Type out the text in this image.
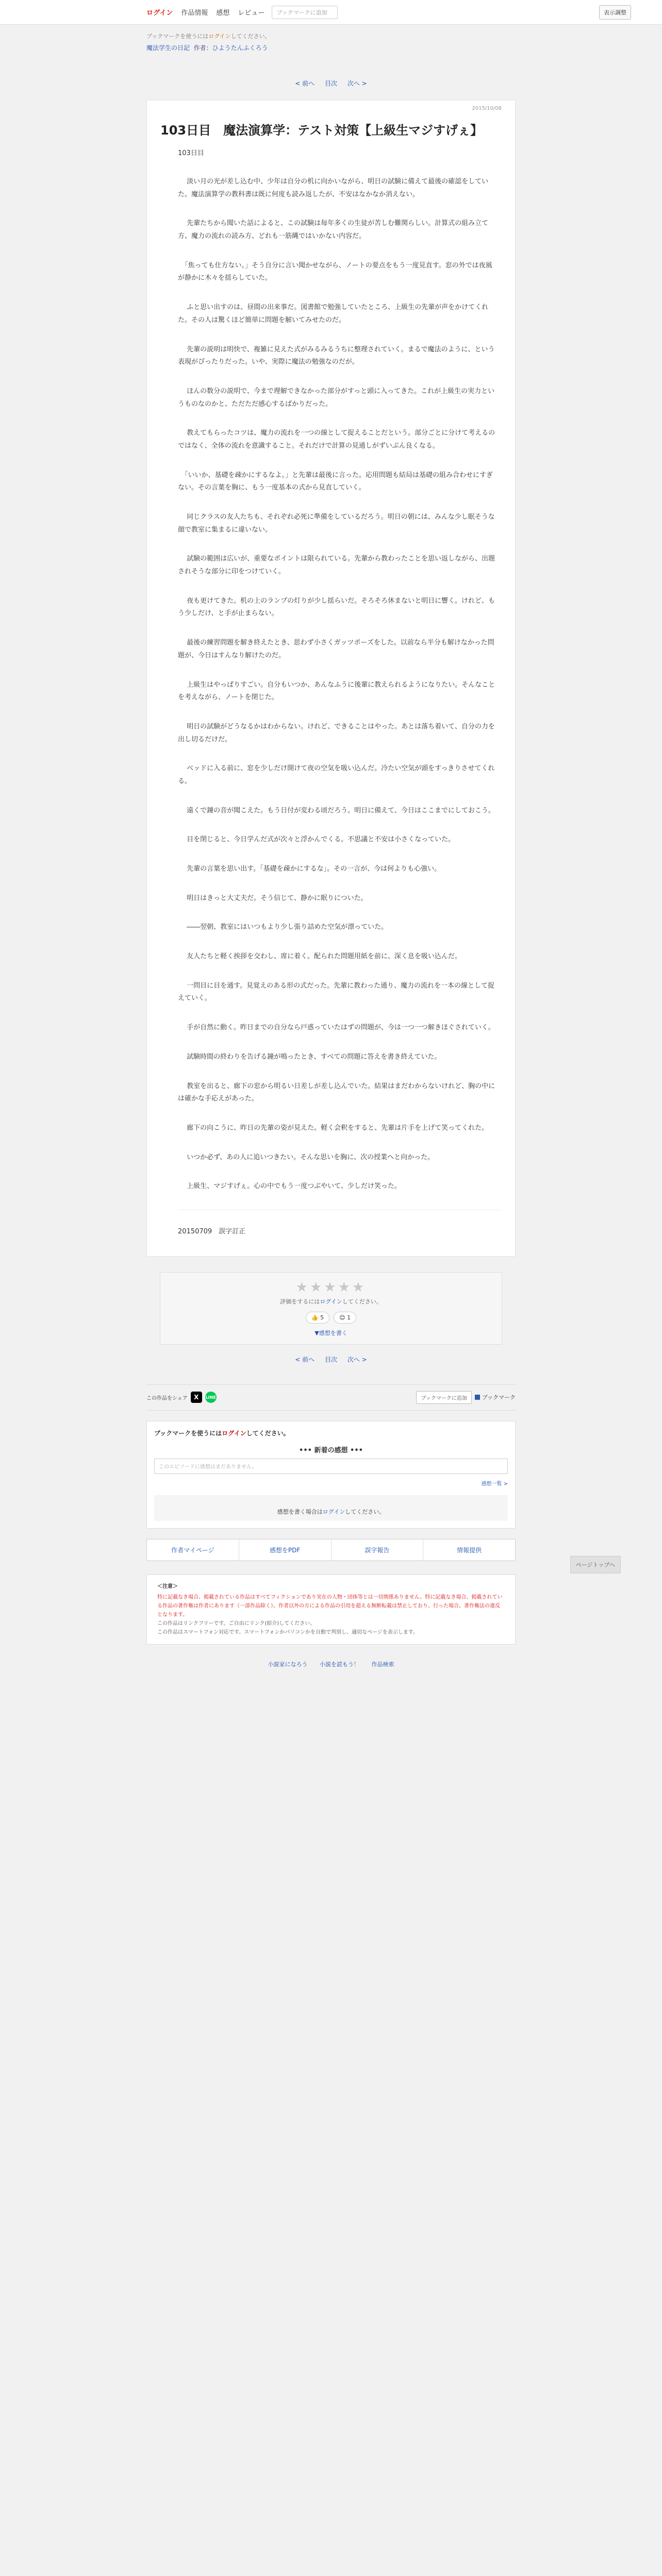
ログイン 作品情報 感想 レビュー	ブックマークに追加	表示調整
ブックマークを使うにはログインしてください。
魔法学生の日記 作者：ひようたんふくろう
< 前へ 目次 次へ >
2015/10/08
103日目　魔法演算学：テスト対策【上級生マジすげぇ】
103日目

　 淡い月の光が差し込む中、少年は自分の机に向かいながら、明日の試験に備えて最後の確認をしていた。魔法演算学の教科書は既に何度も読み返したが、不安はなかなか消えない。

　 先輩たちから聞いた話によると、この試験は毎年多くの生徒が苦しむ難関らしい。計算式の組み立て方、魔力の流れの読み方、どれも一筋縄ではいかない内容だ。

　「焦っても仕方ない。」そう自分に言い聞かせながら、ノートの要点をもう一度見直す。窓の外では夜風が静かに木々を揺らしていた。

　 ふと思い出すのは、昼間の出来事だ。図書館で勉強していたところ、上級生の先輩が声をかけてくれた。その人は驚くほど簡単に問題を解いてみせたのだ。

　 先輩の説明は明快で、複雑に見えた式がみるみるうちに整理されていく。まるで魔法のように、という表現がぴったりだった。いや、実際に魔法の勉強なのだが。

　 ほんの数分の説明で、今まで理解できなかった部分がすっと頭に入ってきた。これが上級生の実力というものなのかと、ただただ感心するばかりだった。

　 教えてもらったコツは、魔力の流れを一つの線として捉えることだという。部分ごとに分けて考えるのではなく、全体の流れを意識すること。それだけで計算の見通しがずいぶん良くなる。

　「いいか、基礎を疎かにするなよ。」と先輩は最後に言った。応用問題も結局は基礎の組み合わせにすぎない。その言葉を胸に、もう一度基本の式から見直していく。

　 同じクラスの友人たちも、それぞれ必死に準備をしているだろう。明日の朝には、みんな少し眠そうな顔で教室に集まるに違いない。

　 試験の範囲は広いが、重要なポイントは限られている。先輩から教わったことを思い返しながら、出題されそうな部分に印をつけていく。

　 夜も更けてきた。机の上のランプの灯りが少し揺らいだ。そろそろ休まないと明日に響く。けれど、もう少しだけ、と手が止まらない。

　 最後の練習問題を解き終えたとき、思わず小さくガッツポーズをした。以前なら半分も解けなかった問題が、今日はすんなり解けたのだ。

　 上級生はやっぱりすごい。自分もいつか、あんなふうに後輩に教えられるようになりたい。そんなことを考えながら、ノートを閉じた。

　 明日の試験がどうなるかはわからない。けれど、できることはやった。あとは落ち着いて、自分の力を出し切るだけだ。

　 ベッドに入る前に、窓を少しだけ開けて夜の空気を吸い込んだ。冷たい空気が頭をすっきりさせてくれる。

　 遠くで鐘の音が聞こえた。もう日付が変わる頃だろう。明日に備えて、今日はここまでにしておこう。

　 目を閉じると、今日学んだ式が次々と浮かんでくる。不思議と不安は小さくなっていた。

　 先輩の言葉を思い出す。「基礎を疎かにするな」。その一言が、今は何よりも心強い。

　 明日はきっと大丈夫だ。そう信じて、静かに眠りについた。

　 ――翌朝、教室にはいつもより少し張り詰めた空気が漂っていた。

　 友人たちと軽く挨拶を交わし、席に着く。配られた問題用紙を前に、深く息を吸い込んだ。

　 一問目に目を通す。見覚えのある形の式だった。先輩に教わった通り、魔力の流れを一本の線として捉えていく。

　 手が自然に動く。昨日までの自分なら戸惑っていたはずの問題が、今は一つ一つ解きほぐされていく。

　 試験時間の終わりを告げる鐘が鳴ったとき、すべての問題に答えを書き終えていた。

　 教室を出ると、廊下の窓から明るい日差しが差し込んでいた。結果はまだわからないけれど、胸の中には確かな手応えがあった。

　 廊下の向こうに、昨日の先輩の姿が見えた。軽く会釈をすると、先輩は片手を上げて笑ってくれた。

　 いつか必ず、あの人に追いつきたい。そんな思いを胸に、次の授業へと向かった。

　 上級生、マジすげぇ。心の中でもう一度つぶやいて、少しだけ笑った。

20150709　誤字訂正
★★★★★
評価をするにはログインしてください。
👍 5	😊 1
▼感想を書く
< 前へ 目次 次へ >
この作品をシェア	X	LINE	ブックマークに追加	ブックマーク
ブックマークを使うにはログインしてください。
••• 新着の感想 •••
このエピソードに感想はまだありません。
感想一覧 >
感想を書く場合はログインしてください。
作者マイページ	感想をPDF	誤字報告	情報提供
＜注意＞
特に記載なき場合、掲載されている作品はすべてフィクションであり実在の人物・団体等とは一切関係ありません。特に記載なき場合、掲載されている作品の著作権は作者にあります（一部作品除く）。作者以外の方による作品の引用を超える無断転載は禁止しており、行った場合、著作権法の違反となります。
この作品はリンクフリーです。ご自由にリンク(紹介)してください。
この作品はスマートフォン対応です。スマートフォンかパソコンかを自動で判別し、適切なページを表示します。
小説家になろう 小説を読もう！ 作品検索
ページトップへ
